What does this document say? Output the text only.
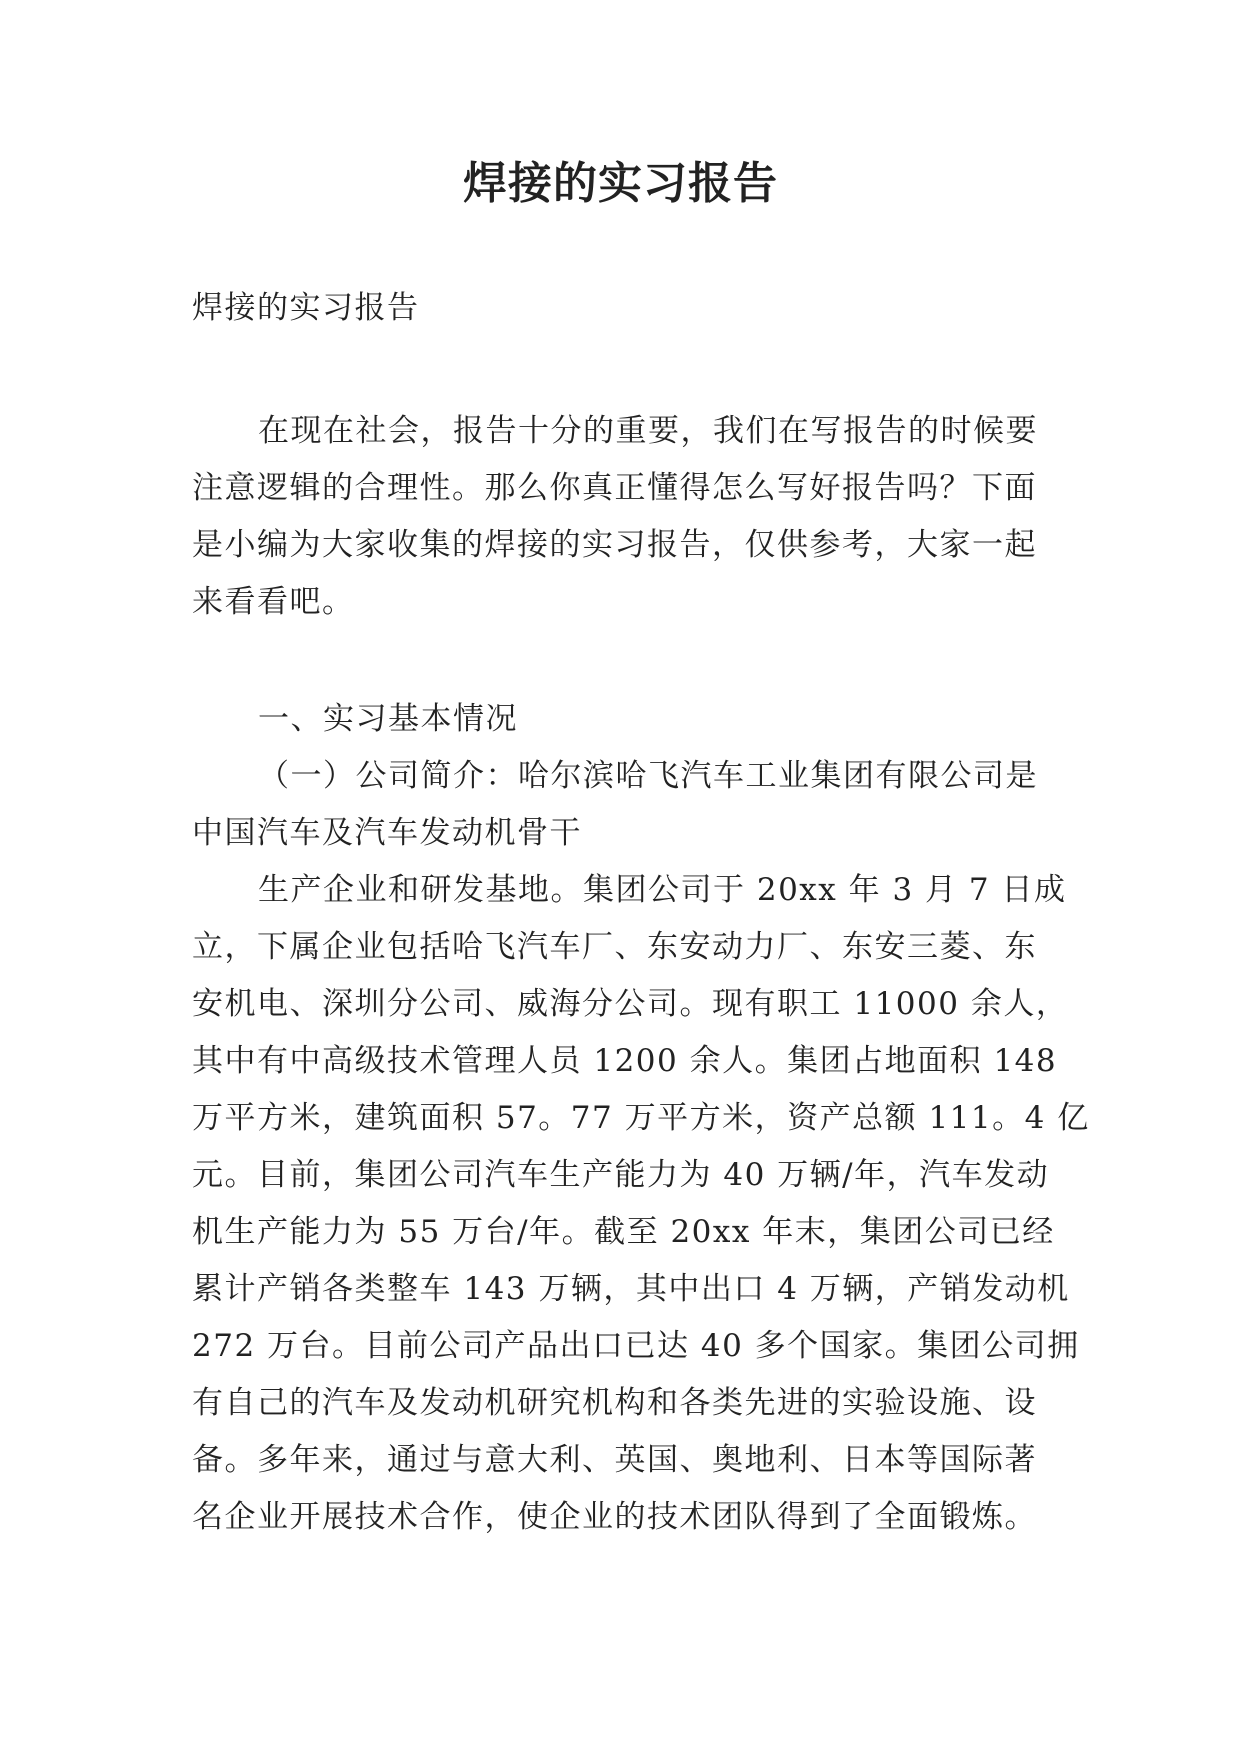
焊接的实习报告

焊接的实习报告

在现在社会，报告十分的重要，我们在写报告的时候要
注意逻辑的合理性。那么你真正懂得怎么写好报告吗？下面
是小编为大家收集的焊接的实习报告，仅供参考，大家一起
来看看吧。

一、实习基本情况

（一）公司简介：哈尔滨哈飞汽车工业集团有限公司是
中国汽车及汽车发动机骨干

生产企业和研发基地。集团公司于 20xx 年 3 月 7 日成
立，下属企业包括哈飞汽车厂、东安动力厂、东安三菱、东
安机电、深圳分公司、威海分公司。现有职工 11000 余人，
其中有中高级技术管理人员 1200 余人。集团占地面积 148
万平方米，建筑面积 57。77 万平方米，资产总额 111。4 亿
元。目前，集团公司汽车生产能力为 40 万辆/年，汽车发动
机生产能力为 55 万台/年。截至 20xx 年末，集团公司已经
累计产销各类整车 143 万辆，其中出口 4 万辆，产销发动机
272 万台。目前公司产品出口已达 40 多个国家。集团公司拥
有自己的汽车及发动机研究机构和各类先进的实验设施、设
备。多年来，通过与意大利、英国、奥地利、日本等国际著
名企业开展技术合作，使企业的技术团队得到了全面锻炼。
